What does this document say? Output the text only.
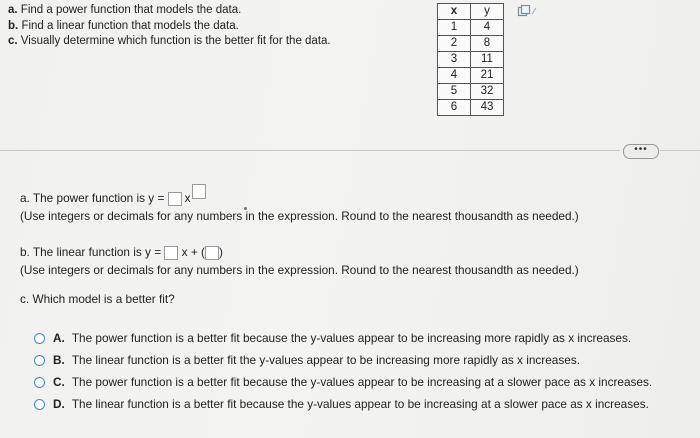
a. Find a power function that models the data.
b. Find a linear function that models the data.
c. Visually determine which function is the better fit for the data.
x	y
1	4
2	8
3	11
4	21
5	32
6	43
•••
a. The power function is y = x
(Use integers or decimals for any numbers in the expression. Round to the nearest thousandth as needed.)
b. The linear function is y = x + ( )
(Use integers or decimals for any numbers in the expression. Round to the nearest thousandth as needed.)
c. Which model is a better fit?
A. The power function is a better fit because the y-values appear to be increasing more rapidly as x increases.
B. The linear function is a better fit the y-values appear to be increasing more rapidly as x increases.
C. The power function is a better fit because the y-values appear to be increasing at a slower pace as x increases.
D. The linear function is a better fit because the y-values appear to be increasing at a slower pace as x increases.
